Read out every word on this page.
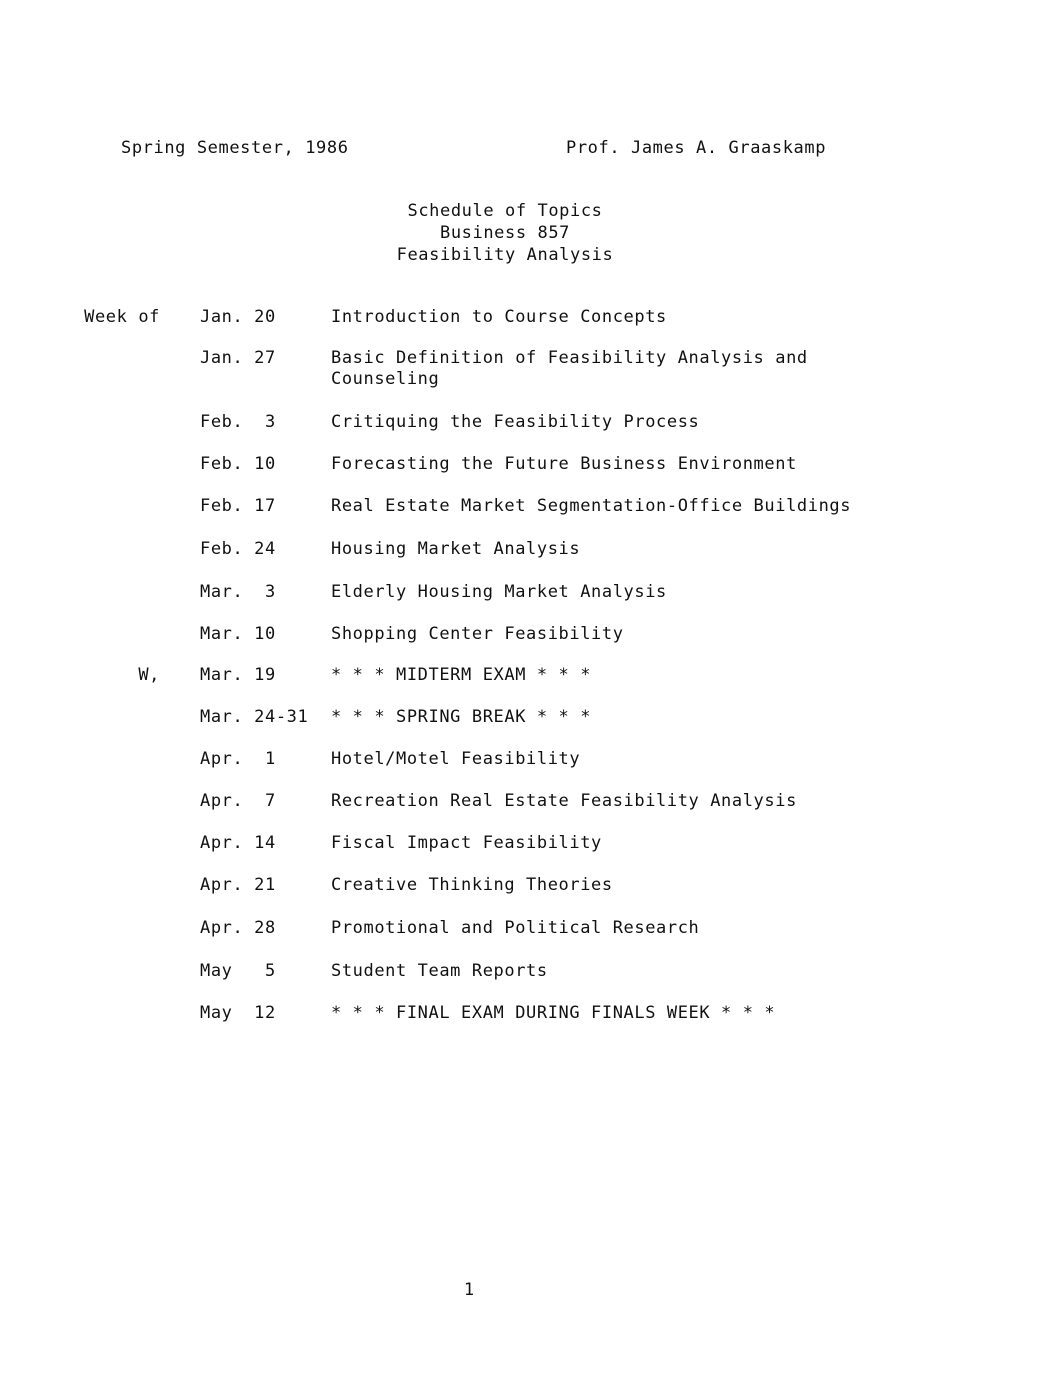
Spring Semester, 1986	Prof. James A. Graaskamp
Schedule of Topics
Business 857
Feasibility Analysis
Week of Jan. 20	Introduction to Course Concepts
Jan. 27	Basic Definition of Feasibility Analysis and Counseling
Feb.  3	Critiquing the Feasibility Process
Feb. 10	Forecasting the Future Business Environment
Feb. 17	Real Estate Market Segmentation-Office Buildings
Feb. 24	Housing Market Analysis
Mar.  3	Elderly Housing Market Analysis
Mar. 10	Shopping Center Feasibility
W, Mar. 19	* * * MIDTERM EXAM * * *
Mar. 24-31 * * * SPRING BREAK * * *
Apr.  1	Hotel/Motel Feasibility
Apr.  7	Recreation Real Estate Feasibility Analysis
Apr. 14	Fiscal Impact Feasibility
Apr. 21	Creative Thinking Theories
Apr. 28	Promotional and Political Research
May   5	Student Team Reports
May  12	* * * FINAL EXAM DURING FINALS WEEK * * *
1
